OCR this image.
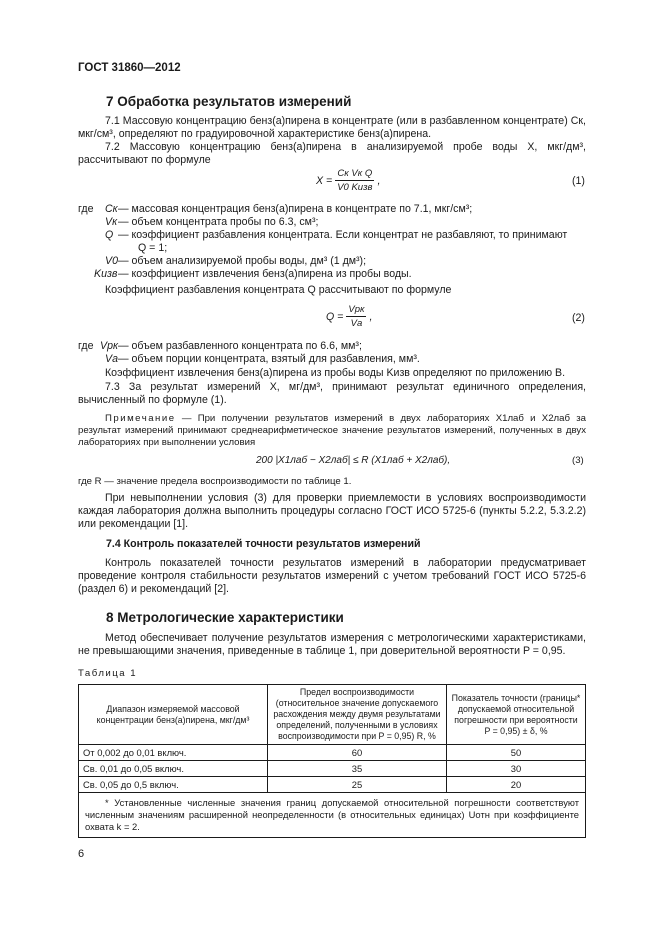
ГОСТ 31860—2012
7 Обработка результатов измерений
7.1 Массовую концентрацию бенз(а)пирена в концентрате (или в разбавленном концентрате) Cк, мкг/см³, определяют по градуировочной характеристике бенз(а)пирена.
7.2 Массовую концентрацию бенз(а)пирена в анализируемой пробе воды X, мкг/дм³, рассчитывают по формуле
$X = \frac{\text{Cк Vк Q}}{\text{V0 Kизв}}$ ,	(1)
где Cк — массовая концентрация бенз(а)пирена в концентрате по 7.1, мкг/см³;
Vк — объем концентрата пробы по 6.3, см³;
Q — коэффициент разбавления концентрата. Если концентрат не разбавляют, то принимают
Q = 1;
V0 — объем анализируемой пробы воды, дм³ (1 дм³);
Kизв — коэффициент извлечения бенз(а)пирена из пробы воды.
Коэффициент разбавления концентрата Q рассчитывают по формуле
$Q = \frac{\text{Vрк}}{Vа}$ ,	(2)
где Vрк — объем разбавленного концентрата по 6.6, мм³;
Vа — объем порции концентрата, взятый для разбавления, мм³.
Коэффициент извлечения бенз(а)пирена из пробы воды Kизв определяют по приложению В.
7.3 За результат измерений X, мг/дм³, принимают результат единичного определения, вычисленный по формуле (1).
Примечание — При получении результатов измерений в двух лабораториях X1лаб и X2лаб за результат измерений принимают среднеарифметическое значение результатов измерений, полученных в двух лабораториях при выполнении условия
200 |X1лаб − X2лаб| ≤ R (X1лаб + X2лаб),	(3)
где R — значение предела воспроизводимости по таблице 1.
При невыполнении условия (3) для проверки приемлемости в условиях воспроизводимости каждая лаборатория должна выполнить процедуры согласно ГОСТ ИСО 5725-6 (пункты 5.2.2, 5.3.2.2) или рекомендации [1].
7.4 Контроль показателей точности результатов измерений
Контроль показателей точности результатов измерений в лаборатории предусматривает проведение контроля стабильности результатов измерений с учетом требований ГОСТ ИСО 5725-6 (раздел 6) и рекомендаций [2].
8 Метрологические характеристики
Метод обеспечивает получение результатов измерения с метрологическими характеристиками, не превышающими значения, приведенные в таблице 1, при доверительной вероятности P = 0,95.
Таблица 1
Диапазон измеряемой массовой концентрации бенз(а)пирена, мкг/дм³	Предел воспроизводимости (относительное значение допускаемого расхождения между двумя результатами определений, полученными в условиях воспроизводимости при P = 0,95) R, %	Показатель точности (границы* допускаемой относительной погрешности при вероятности P = 0,95) ± δ, %
От 0,002 до 0,01 включ.	60	50
Св. 0,01 до 0,05 включ.	35	30
Св. 0,05 до 0,5 включ.	25	20
* Установленные численные значения границ допускаемой относительной погрешности соответствуют численным значениям расширенной неопределенности (в относительных единицах) Uотн при коэффициенте охвата k = 2.		
6
